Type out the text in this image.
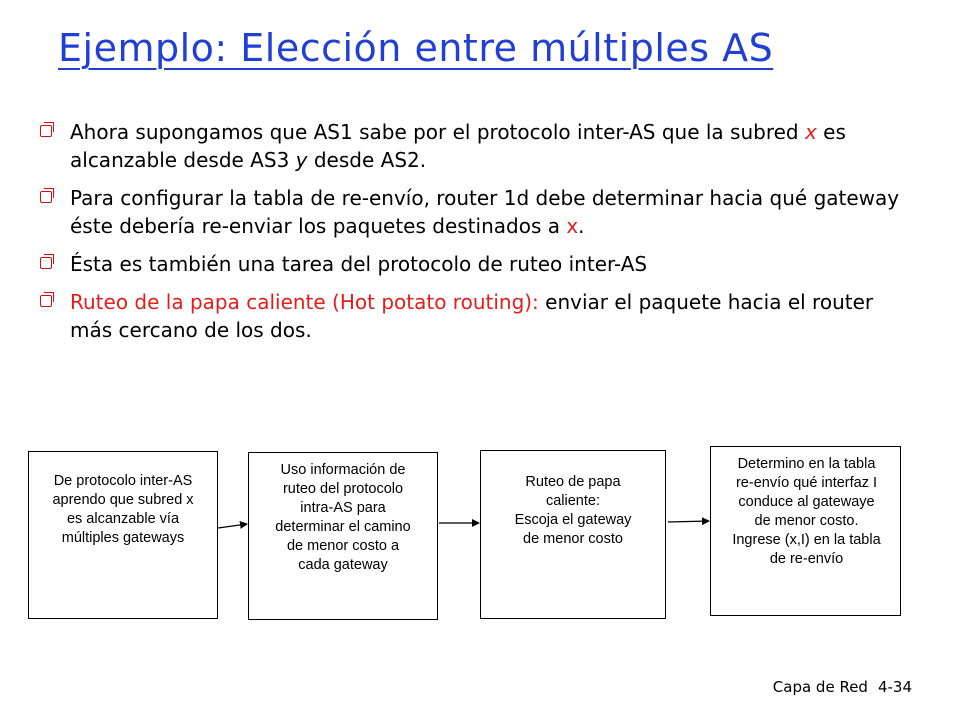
Ejemplo: Elección entre múltiples AS
Ahora supongamos que AS1 sabe por el protocolo inter-AS que la subred x es alcanzable desde AS3 y desde AS2.
Para configurar la tabla de re-envío, router 1d debe determinar hacia qué gateway éste debería re-enviar los paquetes destinados a x.
Ésta es también una tarea del protocolo de ruteo inter-AS
Ruteo de la papa caliente (Hot potato routing): enviar el paquete hacia el router más cercano de los dos.
De protocolo inter-AS
aprendo que subred x
es alcanzable vía
múltiples gateways
Uso información de
ruteo del protocolo
intra-AS para
determinar el camino
de menor costo a
cada gateway
Ruteo de papa
caliente:
Escoja el gateway
de menor costo
Determino en la tabla
re-envío qué interfaz I
conduce al gatewaye
de menor costo.
Ingrese (x,I) en la tabla
de re-envío
Capa de Red 4-34
